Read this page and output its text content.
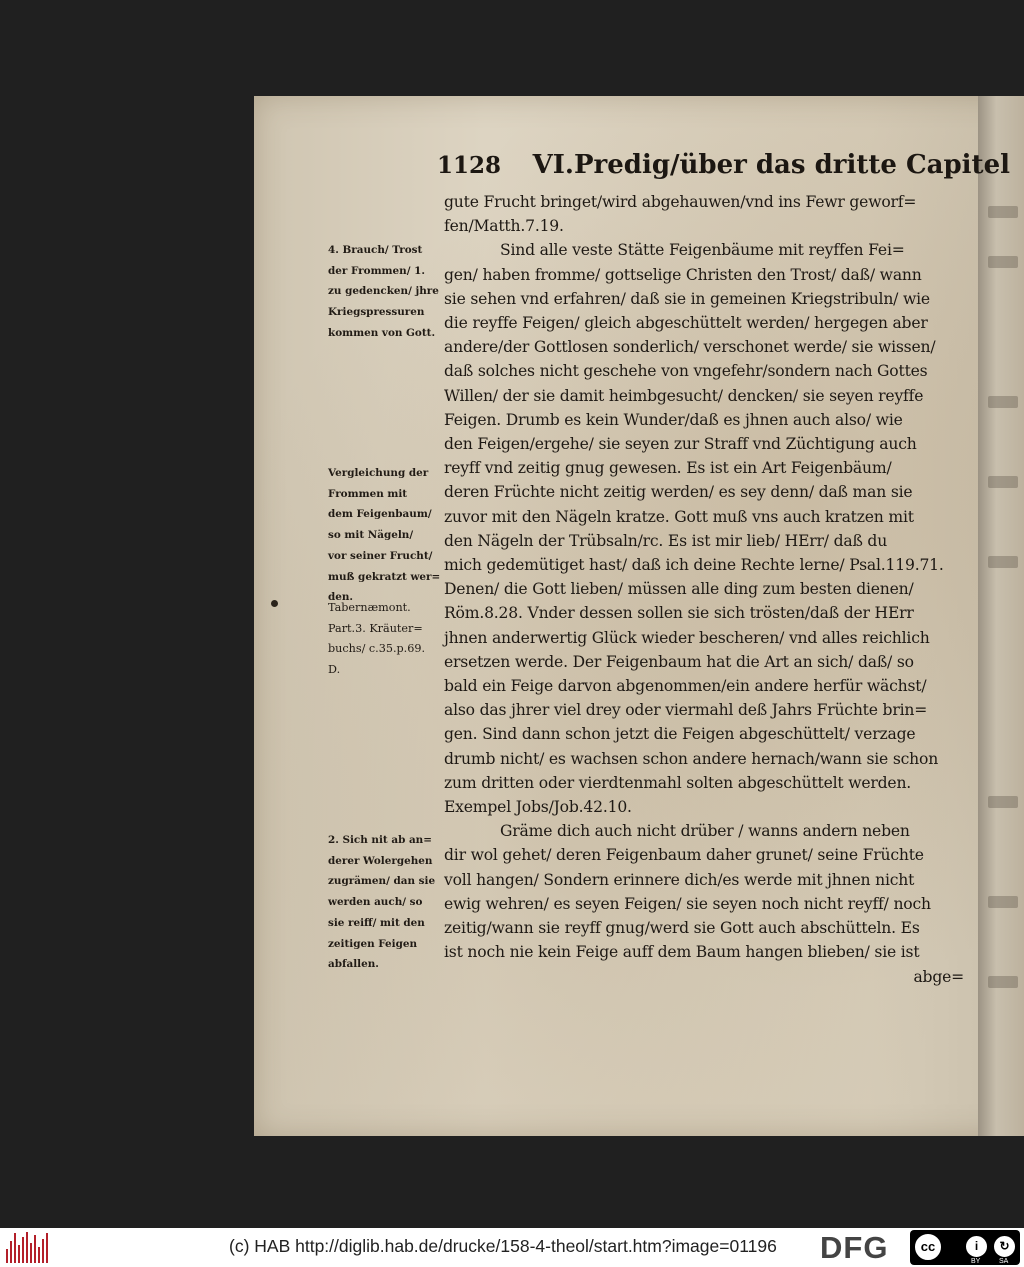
1128 VI.Predig/über das dritte Capitel
gute Frucht bringet/wird abgehauwen/vnd ins Fewr geworf=
fen/Matth.7.19.
Sind alle veste Stätte Feigenbäume mit reyffen Fei=
gen/ haben fromme/ gottselige Christen den Trost/ daß/ wann
sie sehen vnd erfahren/ daß sie in gemeinen Kriegstribuln/ wie
die reyffe Feigen/ gleich abgeschüttelt werden/ hergegen aber
andere/der Gottlosen sonderlich/ verschonet werde/ sie wissen/
daß solches nicht geschehe von vngefehr/sondern nach Gottes
Willen/ der sie damit heimbgesucht/ dencken/ sie seyen reyffe
Feigen. Drumb es kein Wunder/daß es jhnen auch also/ wie
den Feigen/ergehe/ sie seyen zur Straff vnd Züchtigung auch
reyff vnd zeitig gnug gewesen. Es ist ein Art Feigenbäum/
deren Früchte nicht zeitig werden/ es sey denn/ daß man sie
zuvor mit den Nägeln kratze. Gott muß vns auch kratzen mit
den Nägeln der Trübsaln/rc. Es ist mir lieb/ HErr/ daß du
mich gedemütiget hast/ daß ich deine Rechte lerne/ Psal.119.71.
Denen/ die Gott lieben/ müssen alle ding zum besten dienen/
Röm.8.28. Vnder dessen sollen sie sich trösten/daß der HErr
jhnen anderwertig Glück wieder bescheren/ vnd alles reichlich
ersetzen werde. Der Feigenbaum hat die Art an sich/ daß/ so
bald ein Feige darvon abgenommen/ein andere herfür wächst/
also das jhrer viel drey oder viermahl deß Jahrs Früchte brin=
gen. Sind dann schon jetzt die Feigen abgeschüttelt/ verzage
drumb nicht/ es wachsen schon andere hernach/wann sie schon
zum dritten oder vierdtenmahl solten abgeschüttelt werden.
Exempel Jobs/Job.42.10.
Gräme dich auch nicht drüber / wanns andern neben
dir wol gehet/ deren Feigenbaum daher grunet/ seine Früchte
voll hangen/ Sondern erinnere dich/es werde mit jhnen nicht
ewig wehren/ es seyen Feigen/ sie seyen noch nicht reyff/ noch
zeitig/wann sie reyff gnug/werd sie Gott auch abschütteln. Es
ist noch nie kein Feige auff dem Baum hangen blieben/ sie ist
abge=
4. Brauch/ Trost
der Frommen/ 1.
zu gedencken/ jhre
Kriegspressuren
kommen von Gott.
Vergleichung der
Frommen mit
dem Feigenbaum/
so mit Nägeln/
vor seiner Frucht/
muß gekratzt wer=
den.
Tabernæmont.
Part.3. Kräuter=
buchs/ c.35.p.69.
D.
2. Sich nit ab an=
derer Wolergehen
zugrämen/ dan sie
werden auch/ so
sie reiff/ mit den
zeitigen Feigen
abfallen.
(c) HAB http://diglib.hab.de/drucke/158-4-theol/start.htm?image=01196 DFG	cc	i	↻
BY	SA
